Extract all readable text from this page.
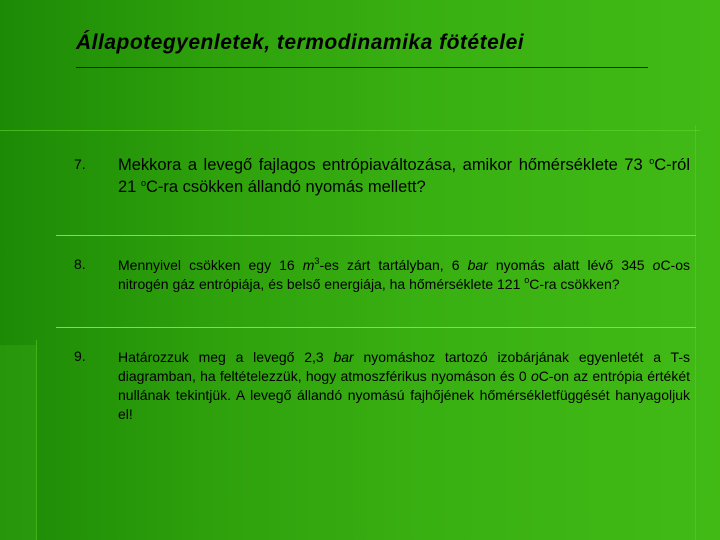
Állapotegyenletek, termodinamika fötételei
7.	Mekkora a levegő fajlagos entrópiaváltozása, amikor hőmérséklete 73 $^o$C-ról 21 $^o$C-ra csökken állandó nyomás mellett?
8.	Mennyivel csökken egy 16 $m^3-es$ zárt tartályban, 6 bar nyomás alatt lévő 345 oC-os nitrogén gáz entrópiája, és belső energiája, ha hőmérséklete 121 $^o$C-ra csökken?
9.	Határozzuk meg a levegő 2,3 bar nyomáshoz tartozó izobárjának egyenletét a T-s diagramban, ha feltételezzük, hogy atmoszférikus nyomáson és 0 oC-on az entrópia értékét nullának tekintjük. A levegő állandó nyomású fajhőjének hőmérsékletfüggését hanyagoljuk el!
